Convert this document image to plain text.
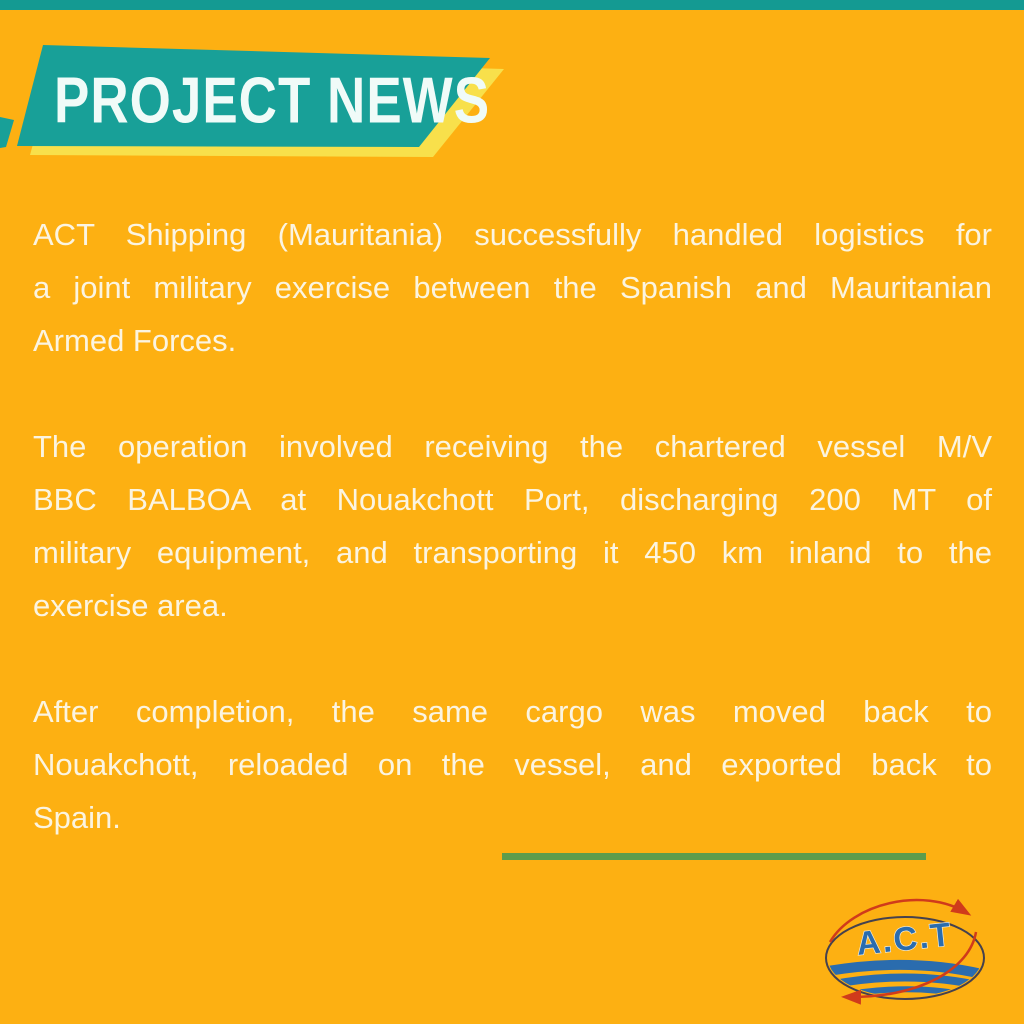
PROJECT NEWS
ACT Shipping (Mauritania) successfully handled logistics for
a joint military exercise between the Spanish and Mauritanian
Armed Forces.
The operation involved receiving the chartered vessel M/V
BBC BALBOA at Nouakchott Port, discharging 200 MT of
military equipment, and transporting it 450 km inland to the
exercise area.
After completion, the same cargo was moved back to
Nouakchott, reloaded on the vessel, and exported back to
Spain.
A.C.T
